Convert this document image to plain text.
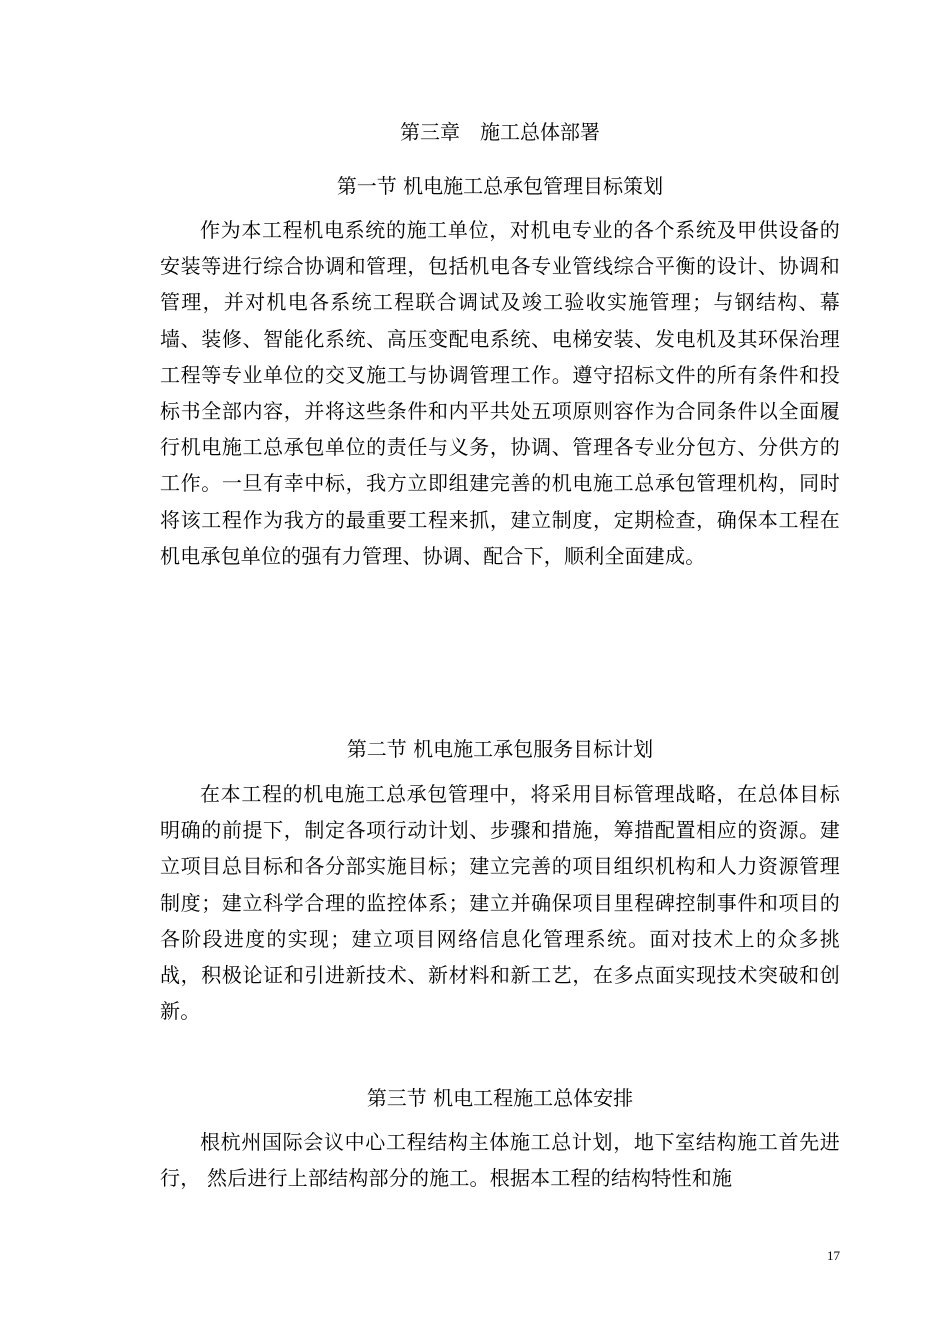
第三章　施工总体部署
第一节 机电施工总承包管理目标策划

作为本工程机电系统的施工单位，对机电专业的各个系统及甲供设备的安装等进行综合协调和管理，包括机电各专业管线综合平衡的设计、协调和管理，并对机电各系统工程联合调试及竣工验收实施管理；与钢结构、幕墙、装修、智能化系统、高压变配电系统、电梯安装、发电机及其环保治理工程等专业单位的交叉施工与协调管理工作。遵守招标文件的所有条件和投标书全部内容，并将这些条件和内平共处五项原则容作为合同条件以全面履行机电施工总承包单位的责任与义务，协调、管理各专业分包方、分供方的工作。一旦有幸中标，我方立即组建完善的机电施工总承包管理机构，同时将该工程作为我方的最重要工程来抓，建立制度，定期检查，确保本工程在机电承包单位的强有力管理、协调、配合下，顺利全面建成。

第二节 机电施工承包服务目标计划

在本工程的机电施工总承包管理中，将采用目标管理战略，在总体目标明确的前提下，制定各项行动计划、步骤和措施，筹措配置相应的资源。建立项目总目标和各分部实施目标；建立完善的项目组织机构和人力资源管理制度；建立科学合理的监控体系；建立并确保项目里程碑控制事件和项目的各阶段进度的实现；建立项目网络信息化管理系统。面对技术上的众多挑战，积极论证和引进新技术、新材料和新工艺，在多点面实现技术突破和创新。

第三节 机电工程施工总体安排

根杭州国际会议中心工程结构主体施工总计划，地下室结构施工首先进行， 然后进行上部结构部分的施工。根据本工程的结构特性和施

17
